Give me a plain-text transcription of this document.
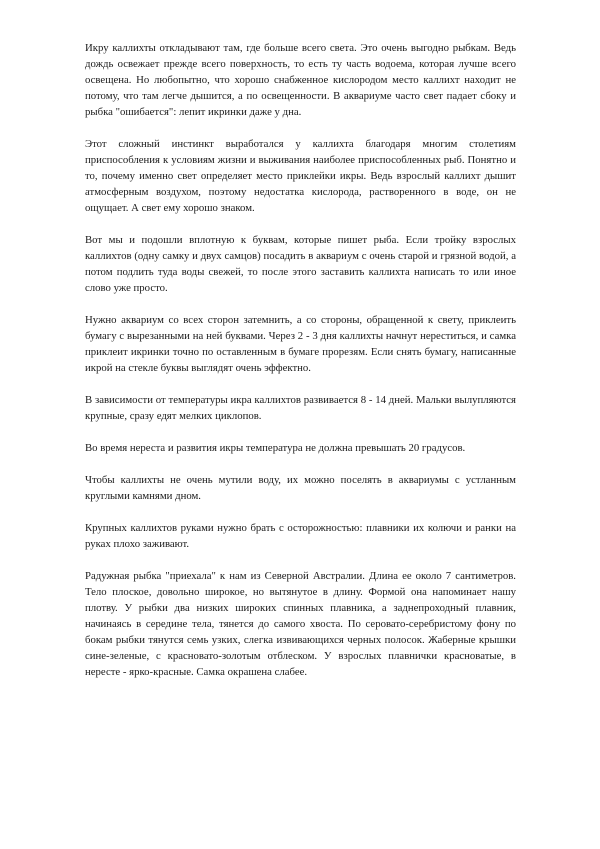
Икру каллихты откладывают там, где больше всего света. Это очень выгодно рыбкам. Ведь дождь освежает прежде всего поверхность, то есть ту часть водоема, которая лучше всего освещена. Но любопытно, что хорошо снабженное кислородом место каллихт находит не потому, что там легче дышится, а по освещенности. В аквариуме часто свет падает сбоку и рыбка "ошибается": лепит икринки даже у дна.

Этот сложный инстинкт выработался у каллихта благодаря многим столетиям приспособления к условиям жизни и выживания наиболее приспособленных рыб. Понятно и то, почему именно свет определяет место приклейки икры. Ведь взрослый каллихт дышит атмосферным воздухом, поэтому недостатка кислорода, растворенного в воде, он не ощущает. А свет ему хорошо знаком.

Вот мы и подошли вплотную к буквам, которые пишет рыба. Если тройку взрослых каллихтов (одну самку и двух самцов) посадить в аквариум с очень старой и грязной водой, а потом подлить туда воды свежей, то после этого заставить каллихта написать то или иное слово уже просто.

Нужно аквариум со всех сторон затемнить, а со стороны, обращенной к свету, приклеить бумагу с вырезанными на ней буквами. Через 2 - 3 дня каллихты начнут нереститься, и самка приклеит икринки точно по оставленным в бумаге прорезям. Если снять бумагу, написанные икрой на стекле буквы выглядят очень эффектно.

В зависимости от температуры икра каллихтов развивается 8 - 14 дней. Мальки вылупляются крупные, сразу едят мелких циклопов.

Во время нереста и развития икры температура не должна превышать 20 градусов.

Чтобы каллихты не очень мутили воду, их можно поселять в аквариумы с устланным круглыми камнями дном.

Крупных каллихтов руками нужно брать с осторожностью: плавники их колючи и ранки на руках плохо заживают.

Радужная рыбка "приехала" к нам из Северной Австралии. Длина ее около 7 сантиметров. Тело плоское, довольно широкое, но вытянутое в длину. Формой она напоминает нашу плотву. У рыбки два низких широких спинных плавника, а заднепроходный плавник, начинаясь в середине тела, тянется до самого хвоста. По серовато-серебристому фону по бокам рыбки тянутся семь узких, слегка извивающихся черных полосок. Жаберные крышки сине-зеленые, с красновато-золотым отблеском. У взрослых плавнички красноватые, в нересте - ярко-красные. Самка окрашена слабее.
